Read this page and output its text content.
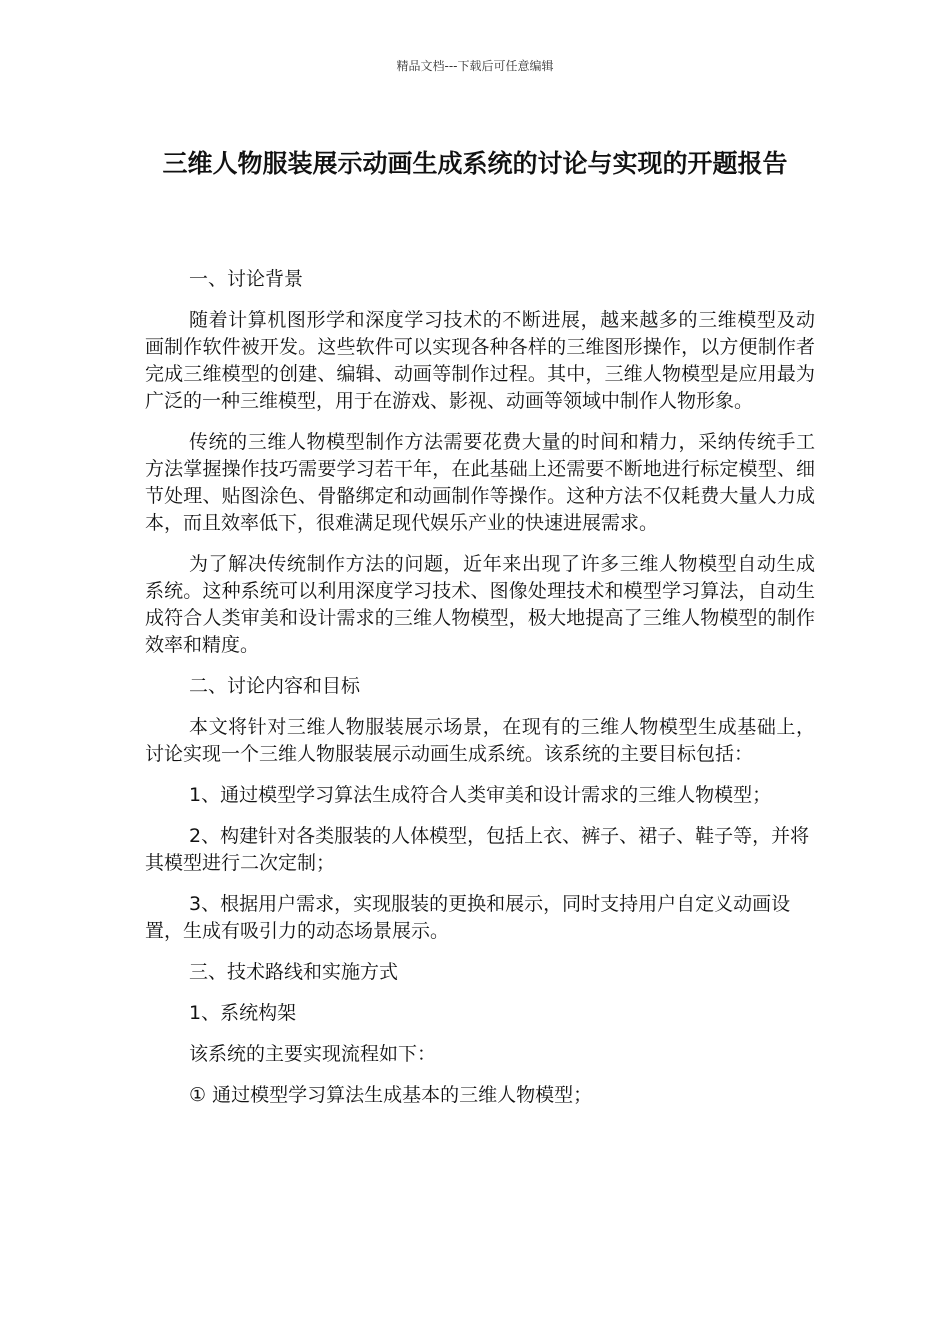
精品文档---下载后可任意编辑
三维人物服装展示动画生成系统的讨论与实现的开题报告

一、讨论背景

随着计算机图形学和深度学习技术的不断进展，越来越多的三维模型及动画制作软件被开发。这些软件可以实现各种各样的三维图形操作，以方便制作者完成三维模型的创建、编辑、动画等制作过程。其中，三维人物模型是应用最为广泛的一种三维模型，用于在游戏、影视、动画等领域中制作人物形象。

传统的三维人物模型制作方法需要花费大量的时间和精力，采纳传统手工方法掌握操作技巧需要学习若干年，在此基础上还需要不断地进行标定模型、细节处理、贴图涂色、骨骼绑定和动画制作等操作。这种方法不仅耗费大量人力成本，而且效率低下，很难满足现代娱乐产业的快速进展需求。

为了解决传统制作方法的问题，近年来出现了许多三维人物模型自动生成系统。这种系统可以利用深度学习技术、图像处理技术和模型学习算法，自动生成符合人类审美和设计需求的三维人物模型，极大地提高了三维人物模型的制作效率和精度。

二、讨论内容和目标

本文将针对三维人物服装展示场景，在现有的三维人物模型生成基础上，讨论实现一个三维人物服装展示动画生成系统。该系统的主要目标包括：

1、通过模型学习算法生成符合人类审美和设计需求的三维人物模型；

2、构建针对各类服装的人体模型，包括上衣、裤子、裙子、鞋子等，并将其模型进行二次定制；

3、根据用户需求，实现服装的更换和展示，同时支持用户自定义动画设置，生成有吸引力的动态场景展示。

三、技术路线和实施方式

1、系统构架

该系统的主要实现流程如下：

① 通过模型学习算法生成基本的三维人物模型；
